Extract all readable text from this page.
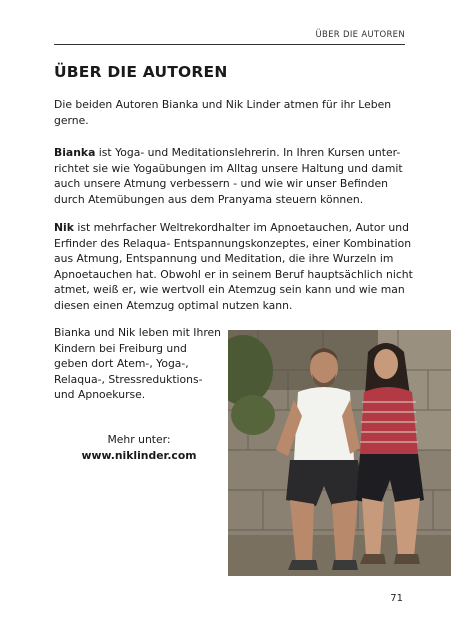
ÜBER DIE AUTOREN
ÜBER DIE AUTOREN

Die beiden Autoren Bianka und Nik Linder atmen für ihr Leben gerne.

Bianka ist Yoga- und Meditationslehrerin. In Ihren Kursen unter-richtet sie wie Yogaübungen im Alltag unsere Haltung und damit auch unsere Atmung verbessern - und wie wir unser Befinden durch Atemübungen aus dem Pranyama steuern können.

Nik ist mehrfacher Weltrekordhalter im Apnoetauchen, Autor und Erfinder des Relaqua- Entspannungskonzeptes, einer Kombination aus Atmung, Entspannung und Meditation, die ihre Wurzeln im Apnoetauchen hat. Obwohl er in seinem Beruf hauptsächlich nicht atmet, weiß er, wie wertvoll ein Atemzug sein kann und wie man diesen einen Atemzug optimal nutzen kann.

Bianka und Nik leben mit Ihren Kindern bei Freiburg und geben dort Atem-, Yoga-, Relaqua-, Stressreduktions- und Apnoekurse.

Mehr unter:
www.niklinder.com
71
